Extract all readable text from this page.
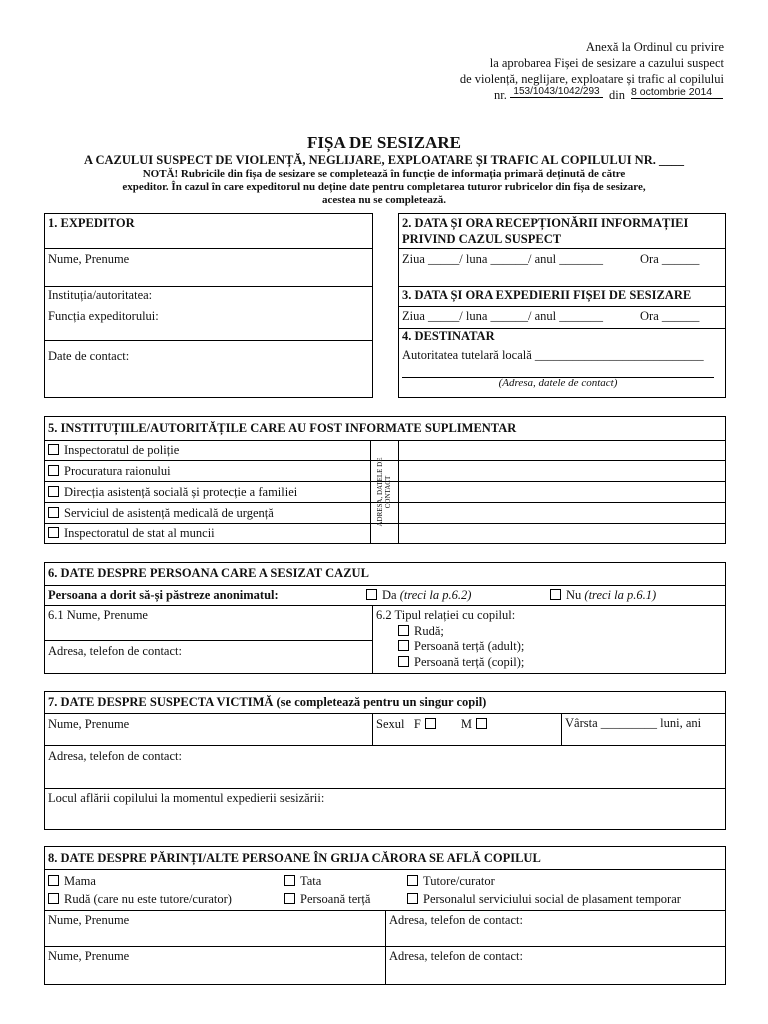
Anexă la Ordinul cu privire
la aprobarea Fișei de sesizare a cazului suspect
de violență, neglijare, exploatare și trafic al copilului
nr. 153/1043/1042/293 din 8 octombrie 2014
FIȘA DE SESIZARE
A CAZULUI SUSPECT DE VIOLENȚĂ, NEGLIJARE, EXPLOATARE ȘI TRAFIC AL COPILULUI NR. ____
NOTĂ! Rubricile din fișa de sesizare se completează în funcție de informația primară deținută de către
expeditor. În cazul în care expeditorul nu deține date pentru completarea tuturor rubricelor din fișa de sesizare,
acestea nu se completează.
1. EXPEDITOR
Nume, Prenume
Instituția/autoritatea:
Funcția expeditorului:
Date de contact:
2. DATA ȘI ORA RECEPȚIONĂRII INFORMAȚIEI
PRIVIND CAZUL SUSPECT
Ziua _____/ luna ______/ anul _______	Ora ______
3. DATA ȘI ORA EXPEDIERII FIȘEI DE SESIZARE
Ziua _____/ luna ______/ anul _______	Ora ______
4. DESTINATAR
Autoritatea tutelară locală ___________________________
(Adresa, datele de contact)
5. INSTITUȚIILE/AUTORITĂȚILE CARE AU FOST INFORMATE SUPLIMENTAR
Inspectoratul de poliție
Procuratura raionului
Direcția asistență socială și protecție a familiei
Serviciul de asistență medicală de urgență
Inspectoratul de stat al muncii
ADRESA, DATELE DE CONTACT
6. DATE DESPRE PERSOANA CARE A SESIZAT CAZUL
Persoana a dorit să-și păstreze anonimatul:	Da (treci la p.6.2)	Nu (treci la p.6.1)
6.1 Nume, Prenume
Adresa, telefon de contact:
6.2 Tipul relației cu copilul:
Rudă;
Persoană terță (adult);
Persoană terță (copil);
7. DATE DESPRE SUSPECTA VICTIMĂ (se completează pentru un singur copil)
Nume, Prenume	Sexul F	M	Vârsta _________ luni, ani
Adresa, telefon de contact:
Locul aflării copilului la momentul expedierii sesizării:
8. DATE DESPRE PĂRINȚI/ALTE PERSOANE ÎN GRIJA CĂRORA SE AFLĂ COPILUL
Mama	Tata	Tutore/curator
Rudă (care nu este tutore/curator)	Persoană terță	Personalul serviciului social de plasament temporar
Nume, Prenume	Adresa, telefon de contact:
Nume, Prenume	Adresa, telefon de contact:
